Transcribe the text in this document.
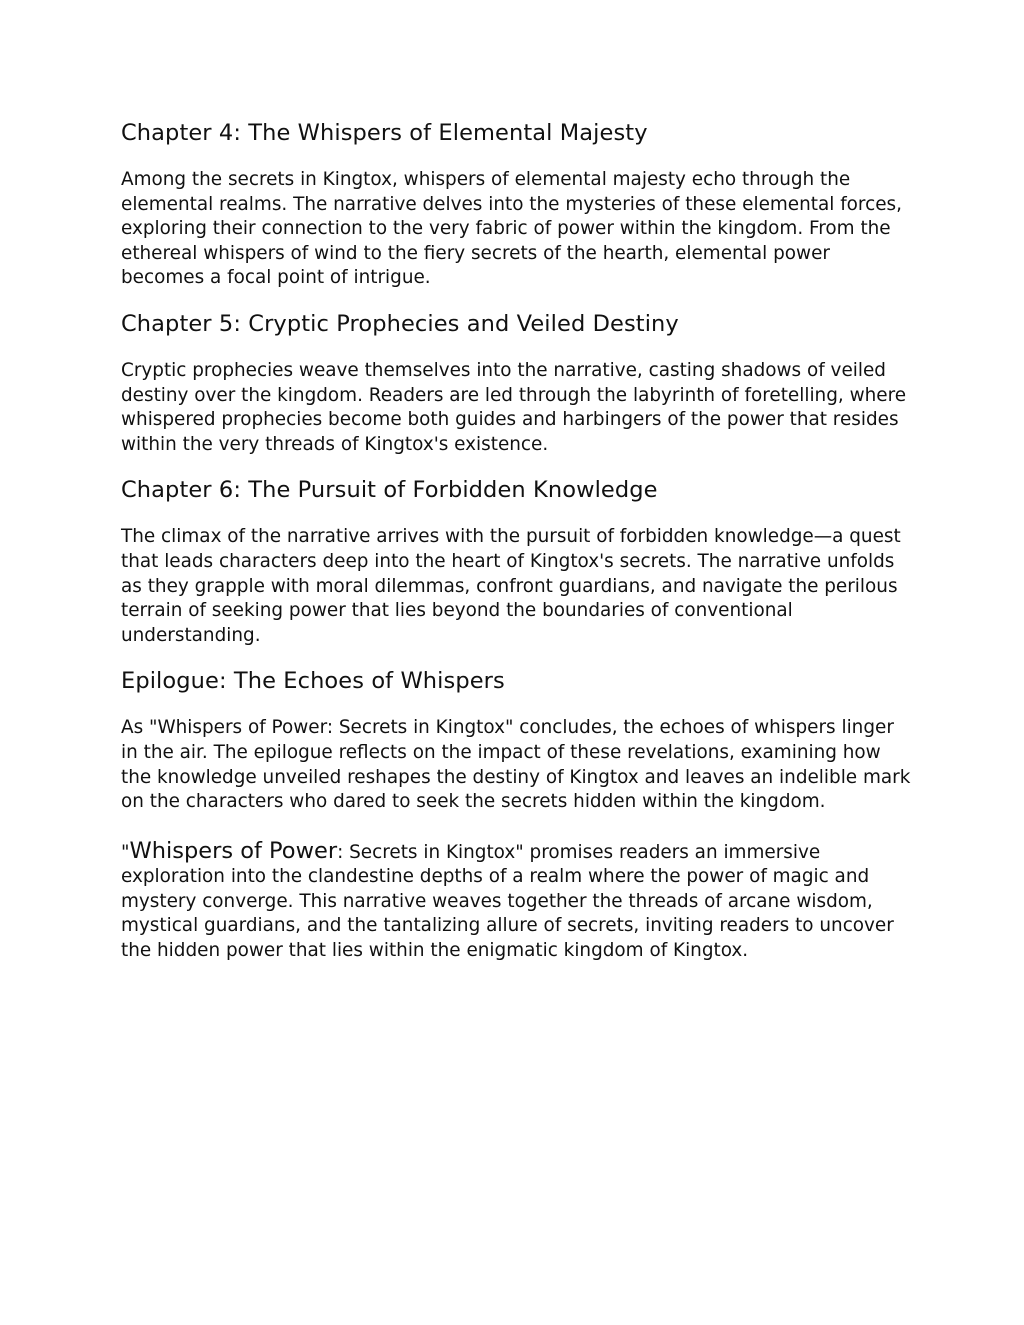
Chapter 4: The Whispers of Elemental Majesty

Among the secrets in Kingtox, whispers of elemental majesty echo through the elemental realms. The narrative delves into the mysteries of these elemental forces, exploring their connection to the very fabric of power within the kingdom. From the ethereal whispers of wind to the fiery secrets of the hearth, elemental power becomes a focal point of intrigue.

Chapter 5: Cryptic Prophecies and Veiled Destiny

Cryptic prophecies weave themselves into the narrative, casting shadows of veiled destiny over the kingdom. Readers are led through the labyrinth of foretelling, where whispered prophecies become both guides and harbingers of the power that resides within the very threads of Kingtox's existence.

Chapter 6: The Pursuit of Forbidden Knowledge

The climax of the narrative arrives with the pursuit of forbidden knowledge—a quest that leads characters deep into the heart of Kingtox's secrets. The narrative unfolds as they grapple with moral dilemmas, confront guardians, and navigate the perilous terrain of seeking power that lies beyond the boundaries of conventional understanding.

Epilogue: The Echoes of Whispers

As "Whispers of Power: Secrets in Kingtox" concludes, the echoes of whispers linger in the air. The epilogue reflects on the impact of these revelations, examining how the knowledge unveiled reshapes the destiny of Kingtox and leaves an indelible mark on the characters who dared to seek the secrets hidden within the kingdom.

"Whispers of Power: Secrets in Kingtox" promises readers an immersive exploration into the clandestine depths of a realm where the power of magic and mystery converge. This narrative weaves together the threads of arcane wisdom, mystical guardians, and the tantalizing allure of secrets, inviting readers to uncover the hidden power that lies within the enigmatic kingdom of Kingtox.
